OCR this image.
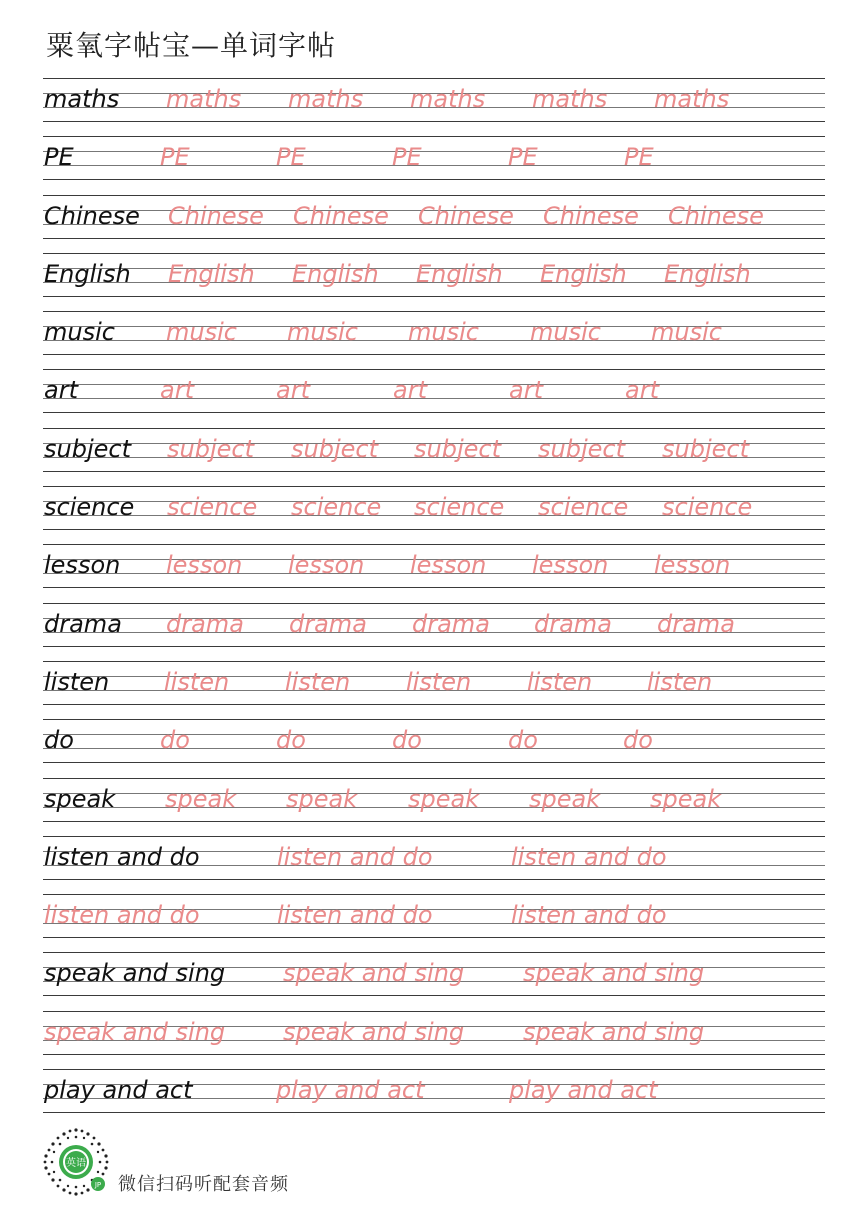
粟氧字帖宝—单词字帖
maths maths maths maths maths maths
PE	PE	PE	PE	PE	PE
Chinese Chinese Chinese Chinese Chinese Chinese
English English English English English English
music music music music music music
art	art	art	art	art	art
subject subject subject subject subject subject
science science science science science science
lesson lesson lesson lesson lesson lesson
drama drama drama drama drama drama
listen listen listen listen listen listen
do	do	do	do	do	do
speak speak speak speak speak speak
listen and do	listen and do	listen and do
listen and do	listen and do	listen and do
speak and sing speak and sing speak and sing
speak and sing speak and sing speak and sing
play and act	play and act	play and act
英语
JP 微信扫码听配套音频
